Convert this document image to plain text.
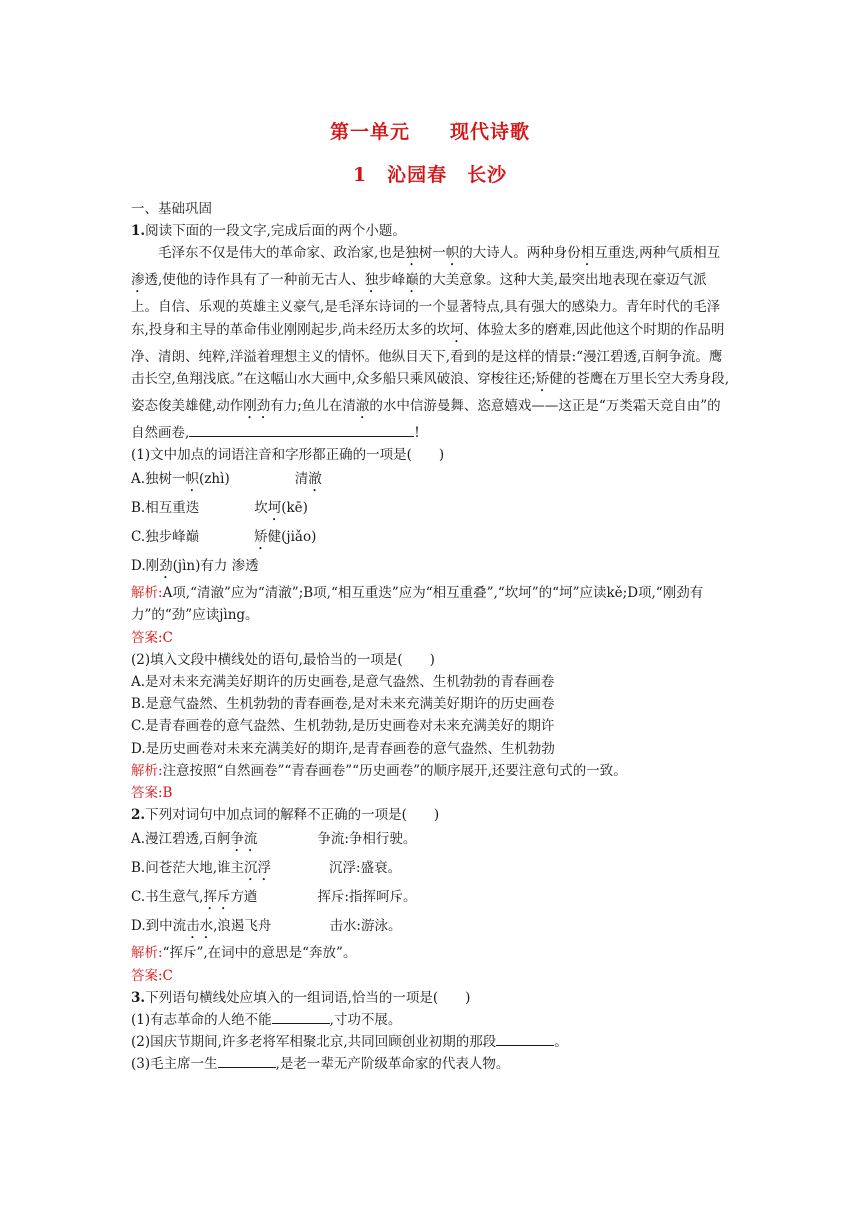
第一单元　　现代诗歌
1　沁园春　长沙

一、基础巩固

1.阅读下面的一段文字,完成后面的两个小题。

毛泽东不仅是伟大的革命家、政治家,也是独树一帜的大诗人。两种身份相互重迭,两种气质相互渗透,使他的诗作具有了一种前无古人、独步峰巅的大美意象。这种大美,最突出地表现在豪迈气派上。自信、乐观的英雄主义豪气,是毛泽东诗词的一个显著特点,具有强大的感染力。青年时代的毛泽东,投身和主导的革命伟业刚刚起步,尚未经历太多的坎坷、体验太多的磨难,因此他这个时期的作品明净、清朗、纯粹,洋溢着理想主义的情怀。他纵目天下,看到的是这样的情景:“漫江碧透,百舸争流。鹰击长空,鱼翔浅底。”在这幅山水大画中,众多船只乘风破浪、穿梭往还;矫健的苍鹰在万里长空大秀身段,姿态俊美雄健,动作刚劲有力;鱼儿在清澈的水中信游曼舞、恣意嬉戏——这正是“万类霜天竞自由”的自然画卷,	!

(1)文中加点的词语注音和字形都正确的一项是(　　)

A.独树一帜(zhì)	清澈

B.相互重迭	坎坷(kē)

C.独步峰巅	矫健(jiǎo)

D.刚劲(jìn)有力 渗透

解析:A项,“清澈”应为“清澈”;B项,“相互重迭”应为“相互重叠”,“坎坷”的“坷”应读kě;D项,“刚劲有力”的“劲”应读jìng。

答案:C

(2)填入文段中横线处的语句,最恰当的一项是(　　)

A.是对未来充满美好期许的历史画卷,是意气盎然、生机勃勃的青春画卷

B.是意气盎然、生机勃勃的青春画卷,是对未来充满美好期许的历史画卷

C.是青春画卷的意气盎然、生机勃勃,是历史画卷对未来充满美好的期许

D.是历史画卷对未来充满美好的期许,是青春画卷的意气盎然、生机勃勃

解析:注意按照“自然画卷”“青春画卷”“历史画卷”的顺序展开,还要注意句式的一致。

答案:B

2.下列对词句中加点词的解释不正确的一项是(　　)

A.漫江碧透,百舸争流	争流:争相行驶。

B.问苍茫大地,谁主沉浮	沉浮:盛衰。

C.书生意气,挥斥方遒	挥斥:指挥呵斥。

D.到中流击水,浪遏飞舟	击水:游泳。

解析:“挥斥”,在词中的意思是“奔放”。

答案:C

3.下列语句横线处应填入的一组词语,恰当的一项是(　　)

(1)有志革命的人绝不能	,寸功不展。

(2)国庆节期间,许多老将军相聚北京,共同回顾创业初期的那段	。

(3)毛主席一生	,是老一辈无产阶级革命家的代表人物。
